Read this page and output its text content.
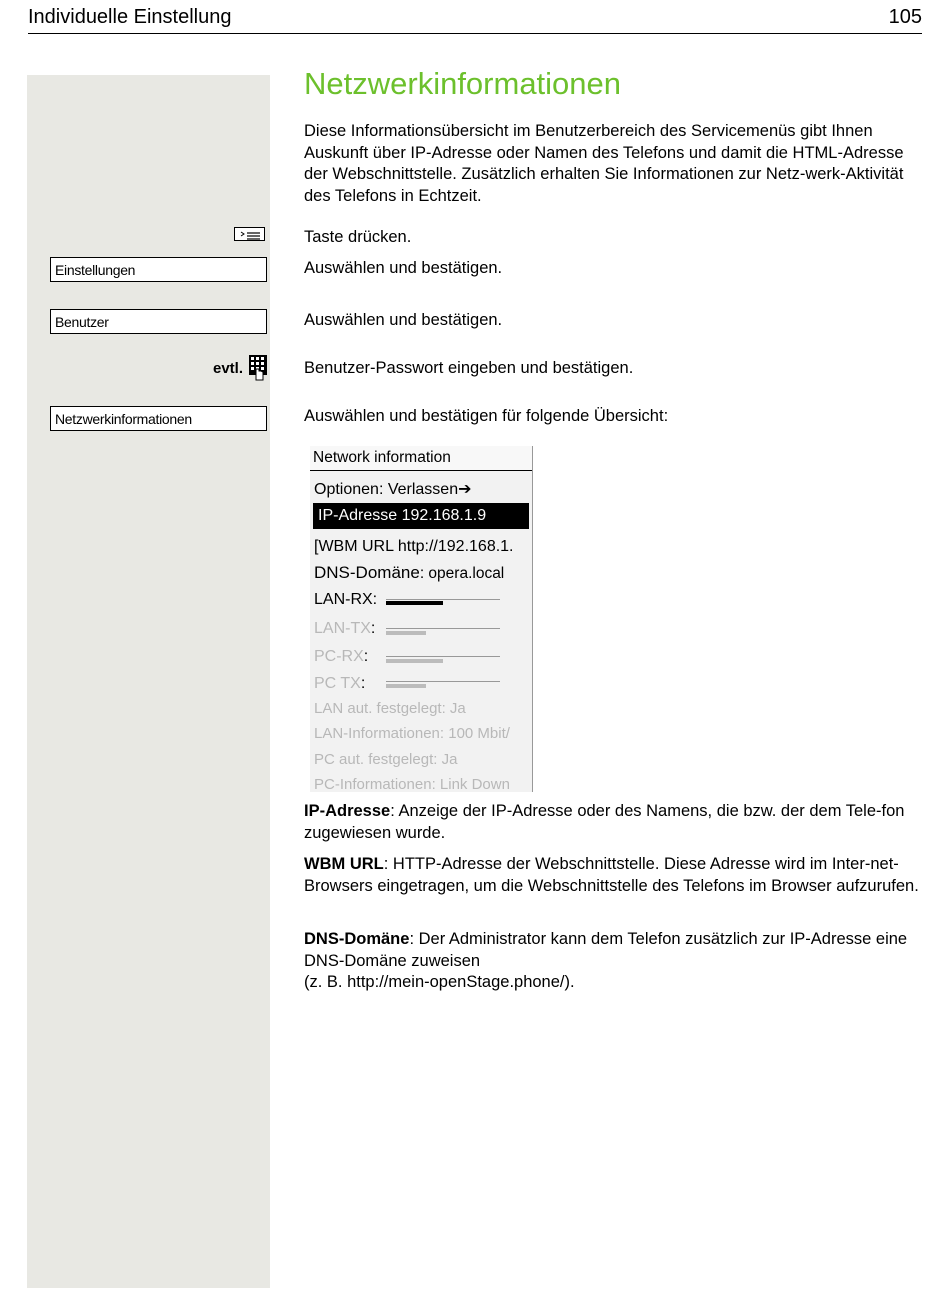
Individuelle Einstellung	105
Einstellungen
Benutzer
evtl.
Netzwerkinformationen
Netzwerkinformationen
Diese Informationsübersicht im Benutzerbereich des Servicemenüs gibt Ihnen Auskunft über IP-Adresse oder Namen des Telefons und damit die HTML-Adresse der Webschnittstelle. Zusätzlich erhalten Sie Informationen zur Netz-werk-Aktivität des Telefons in Echtzeit.
Taste drücken.
Auswählen und bestätigen.
Auswählen und bestätigen.
Benutzer-Passwort eingeben und bestätigen.
Auswählen und bestätigen für folgende Übersicht:
Network information
Optionen: Verlassen➔
IP-Adresse 192.168.1.9
[WBM URL http://192.168.1.
DNS-Domäne: opera.local
LAN-RX:
LAN-TX:
PC-RX:
PC TX:
LAN aut. festgelegt: Ja
LAN-Informationen: 100 Mbit/
PC aut. festgelegt: Ja
PC-Informationen: Link Down
IP-Adresse: Anzeige der IP-Adresse oder des Namens, die bzw. der dem Tele-fon zugewiesen wurde.
WBM URL: HTTP-Adresse der Webschnittstelle. Diese Adresse wird im Inter-net-Browsers eingetragen, um die Webschnittstelle des Telefons im Browser aufzurufen.
DNS-Domäne: Der Administrator kann dem Telefon zusätzlich zur IP-Adresse eine DNS-Domäne zuweisen
(z. B. http://mein-openStage.phone/).
